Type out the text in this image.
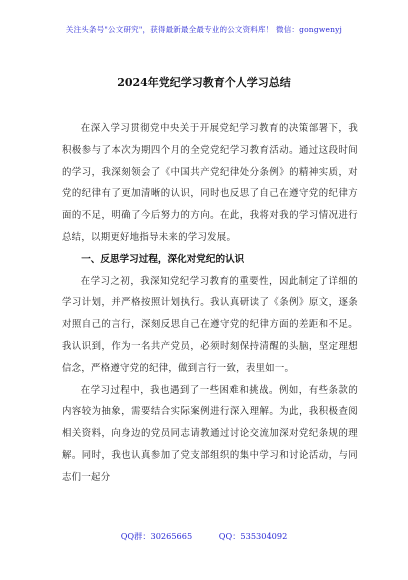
关注头条号"公文研究"，获得最新最全最专业的公文资料库！ 微信：gongwenyj
2024年党纪学习教育个人学习总结

在深入学习贯彻党中央关于开展党纪学习教育的决策部署下，我积极参与了本次为期四个月的全党党纪学习教育活动。通过这段时间的学习，我深刻领会了《中国共产党纪律处分条例》的精神实质，对党的纪律有了更加清晰的认识，同时也反思了自己在遵守党的纪律方面的不足，明确了今后努力的方向。在此，我将对我的学习情况进行总结，以期更好地指导未来的学习发展。

一、反思学习过程，深化对党纪的认识

在学习之初，我深知党纪学习教育的重要性，因此制定了详细的学习计划，并严格按照计划执行。我认真研读了《条例》原文，逐条对照自己的言行，深刻反思自己在遵守党的纪律方面的差距和不足。我认识到，作为一名共产党员，必须时刻保持清醒的头脑，坚定理想信念，严格遵守党的纪律，做到言行一致，表里如一。

在学习过程中，我也遇到了一些困难和挑战。例如，有些条款的内容较为抽象，需要结合实际案例进行深入理解。为此，我积极查阅相关资料，向身边的党员同志请教通过讨论交流加深对党纪条规的理解。同时，我也认真参加了党支部组织的集中学习和讨论活动，与同志们一起分

QQ群：30265665	QQ：535304092
